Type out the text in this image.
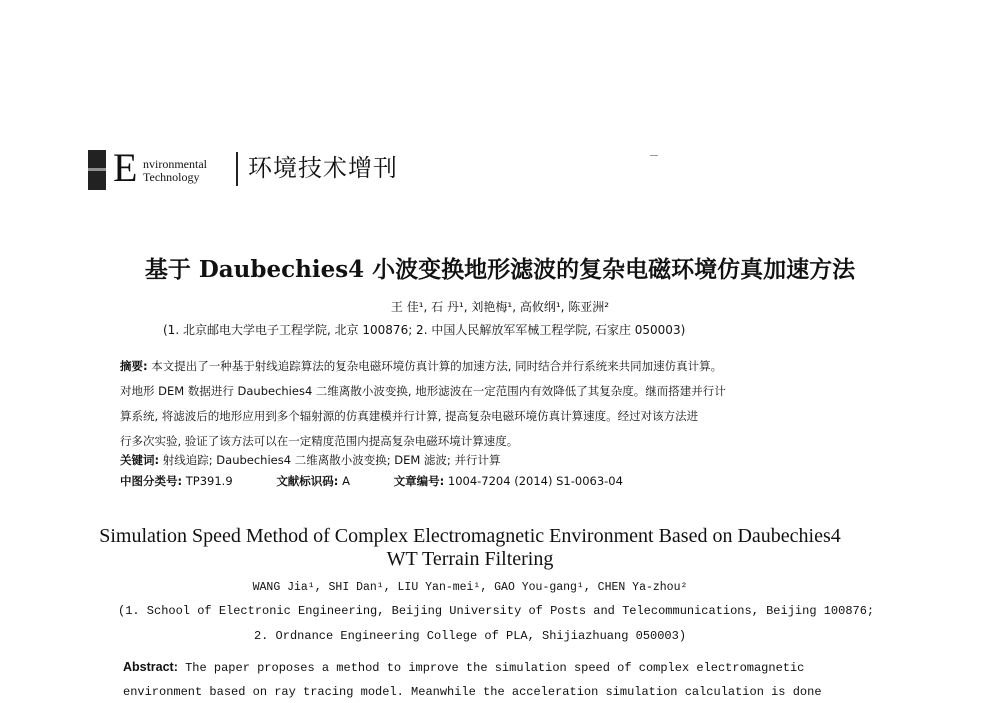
E nvironmental
Technology	环境技术增刊
基于 Daubechies4 小波变换地形滤波的复杂电磁环境仿真加速方法
王 佳¹, 石 丹¹, 刘艳梅¹, 高攸纲¹, 陈亚洲²
(1. 北京邮电大学电子工程学院, 北京 100876; 2. 中国人民解放军军械工程学院, 石家庄 050003)
摘要: 本文提出了一种基于射线追踪算法的复杂电磁环境仿真计算的加速方法, 同时结合并行系统来共同加速仿真计算。
对地形 DEM 数据进行 Daubechies4 二维离散小波变换, 地形滤波在一定范围内有效降低了其复杂度。继而搭建并行计
算系统, 将滤波后的地形应用到多个辐射源的仿真建模并行计算, 提高复杂电磁环境仿真计算速度。经过对该方法进
行多次实验, 验证了该方法可以在一定精度范围内提高复杂电磁环境计算速度。
关键词: 射线追踪; Daubechies4 二维离散小波变换; DEM 滤波; 并行计算
中图分类号: TP391.9	文献标识码: A	文章编号: 1004-7204 (2014) S1-0063-04
Simulation Speed Method of Complex Electromagnetic Environment Based on Daubechies4
WT Terrain Filtering
WANG Jia¹, SHI Dan¹, LIU Yan-mei¹, GAO You-gang¹, CHEN Ya-zhou²
(1. School of Electronic Engineering, Beijing University of Posts and Telecommunications, Beijing 100876;
2. Ordnance Engineering College of PLA, Shijiazhuang 050003)
Abstract: The paper proposes a method to improve the simulation speed of complex electromagnetic
environment based on ray tracing model. Meanwhile the acceleration simulation calculation is done
